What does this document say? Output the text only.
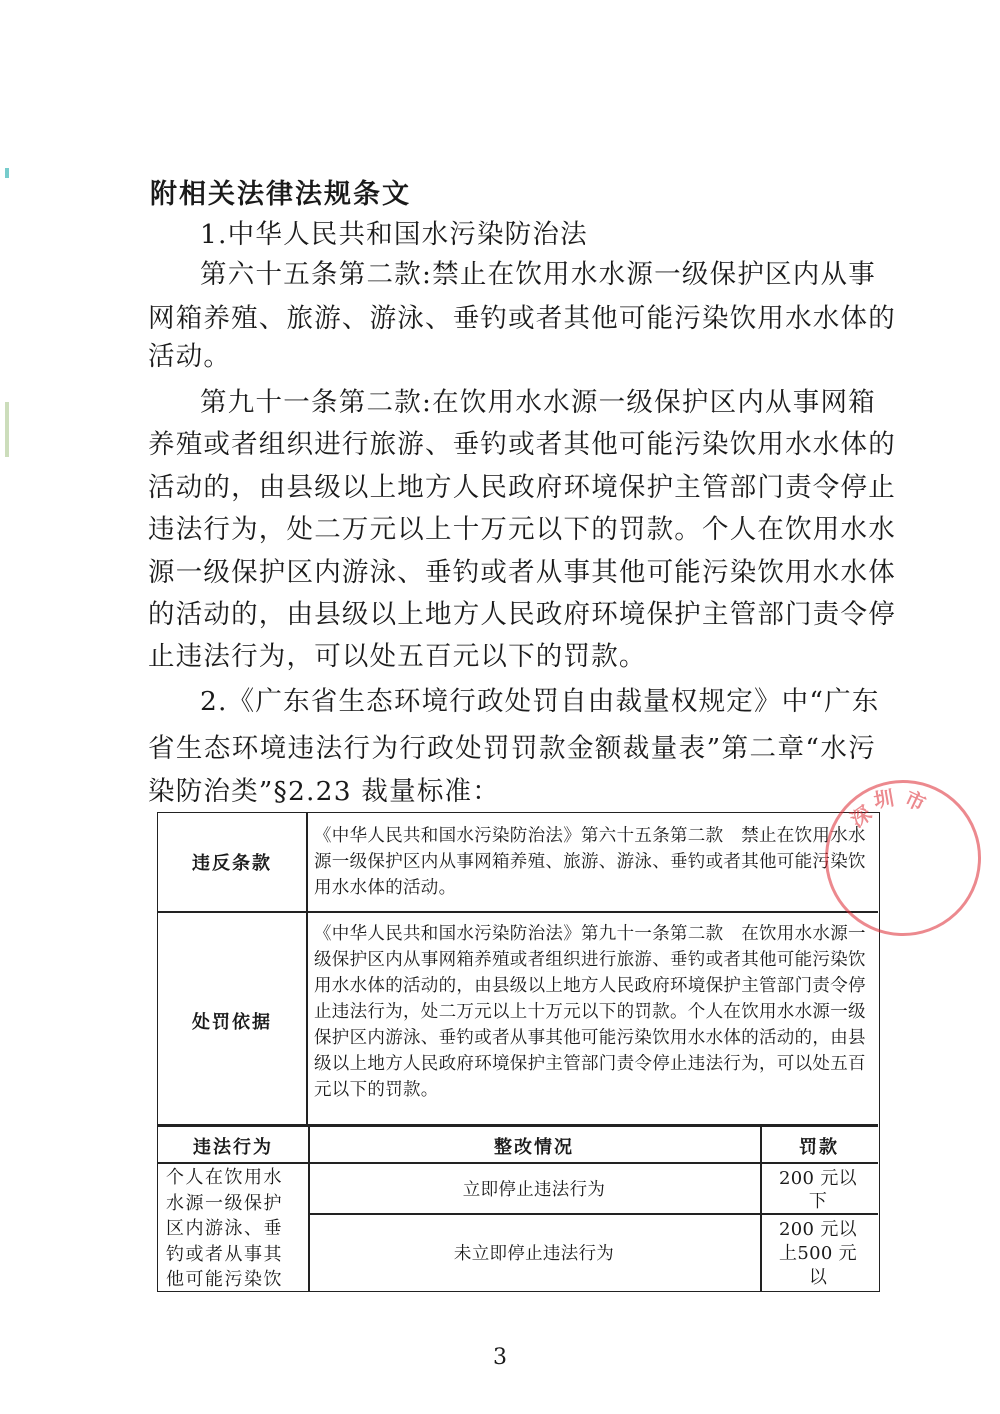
附相关法律法规条文

1.中华人民共和国水污染防治法

第六十五条第二款:禁止在饮用水水源一级保护区内从事

网箱养殖、旅游、游泳、垂钓或者其他可能污染饮用水水体的

活动。

第九十一条第二款:在饮用水水源一级保护区内从事网箱

养殖或者组织进行旅游、垂钓或者其他可能污染饮用水水体的

活动的，由县级以上地方人民政府环境保护主管部门责令停止

违法行为，处二万元以上十万元以下的罚款。个人在饮用水水

源一级保护区内游泳、垂钓或者从事其他可能污染饮用水水体

的活动的，由县级以上地方人民政府环境保护主管部门责令停

止违法行为，可以处五百元以下的罚款。

2.《广东省生态环境行政处罚自由裁量权规定》中“广东

省生态环境违法行为行政处罚罚款金额裁量表”第二章“水污

染防治类”§2.23 裁量标准：

违反条款
《中华人民共和国水污染防治法》第六十五条第二款　禁止在饮用水水源一级保护区内从事网箱养殖、旅游、游泳、垂钓或者其他可能污染饮用水水体的活动。
处罚依据
《中华人民共和国水污染防治法》第九十一条第二款　在饮用水水源一级保护区内从事网箱养殖或者组织进行旅游、垂钓或者其他可能污染饮用水水体的活动的，由县级以上地方人民政府环境保护主管部门责令停止违法行为，处二万元以上十万元以下的罚款。个人在饮用水水源一级保护区内游泳、垂钓或者从事其他可能污染饮用水水体的活动的，由县级以上地方人民政府环境保护主管部门责令停止违法行为，可以处五百元以下的罚款。
违法行为	整改情况	罚款
个人在饮用水水源一级保护区内游泳、垂钓或者从事其他可能污染饮
立即停止违法行为
200 元以下
未立即停止违法行为
200 元以上500 元以
深
圳 市
3
